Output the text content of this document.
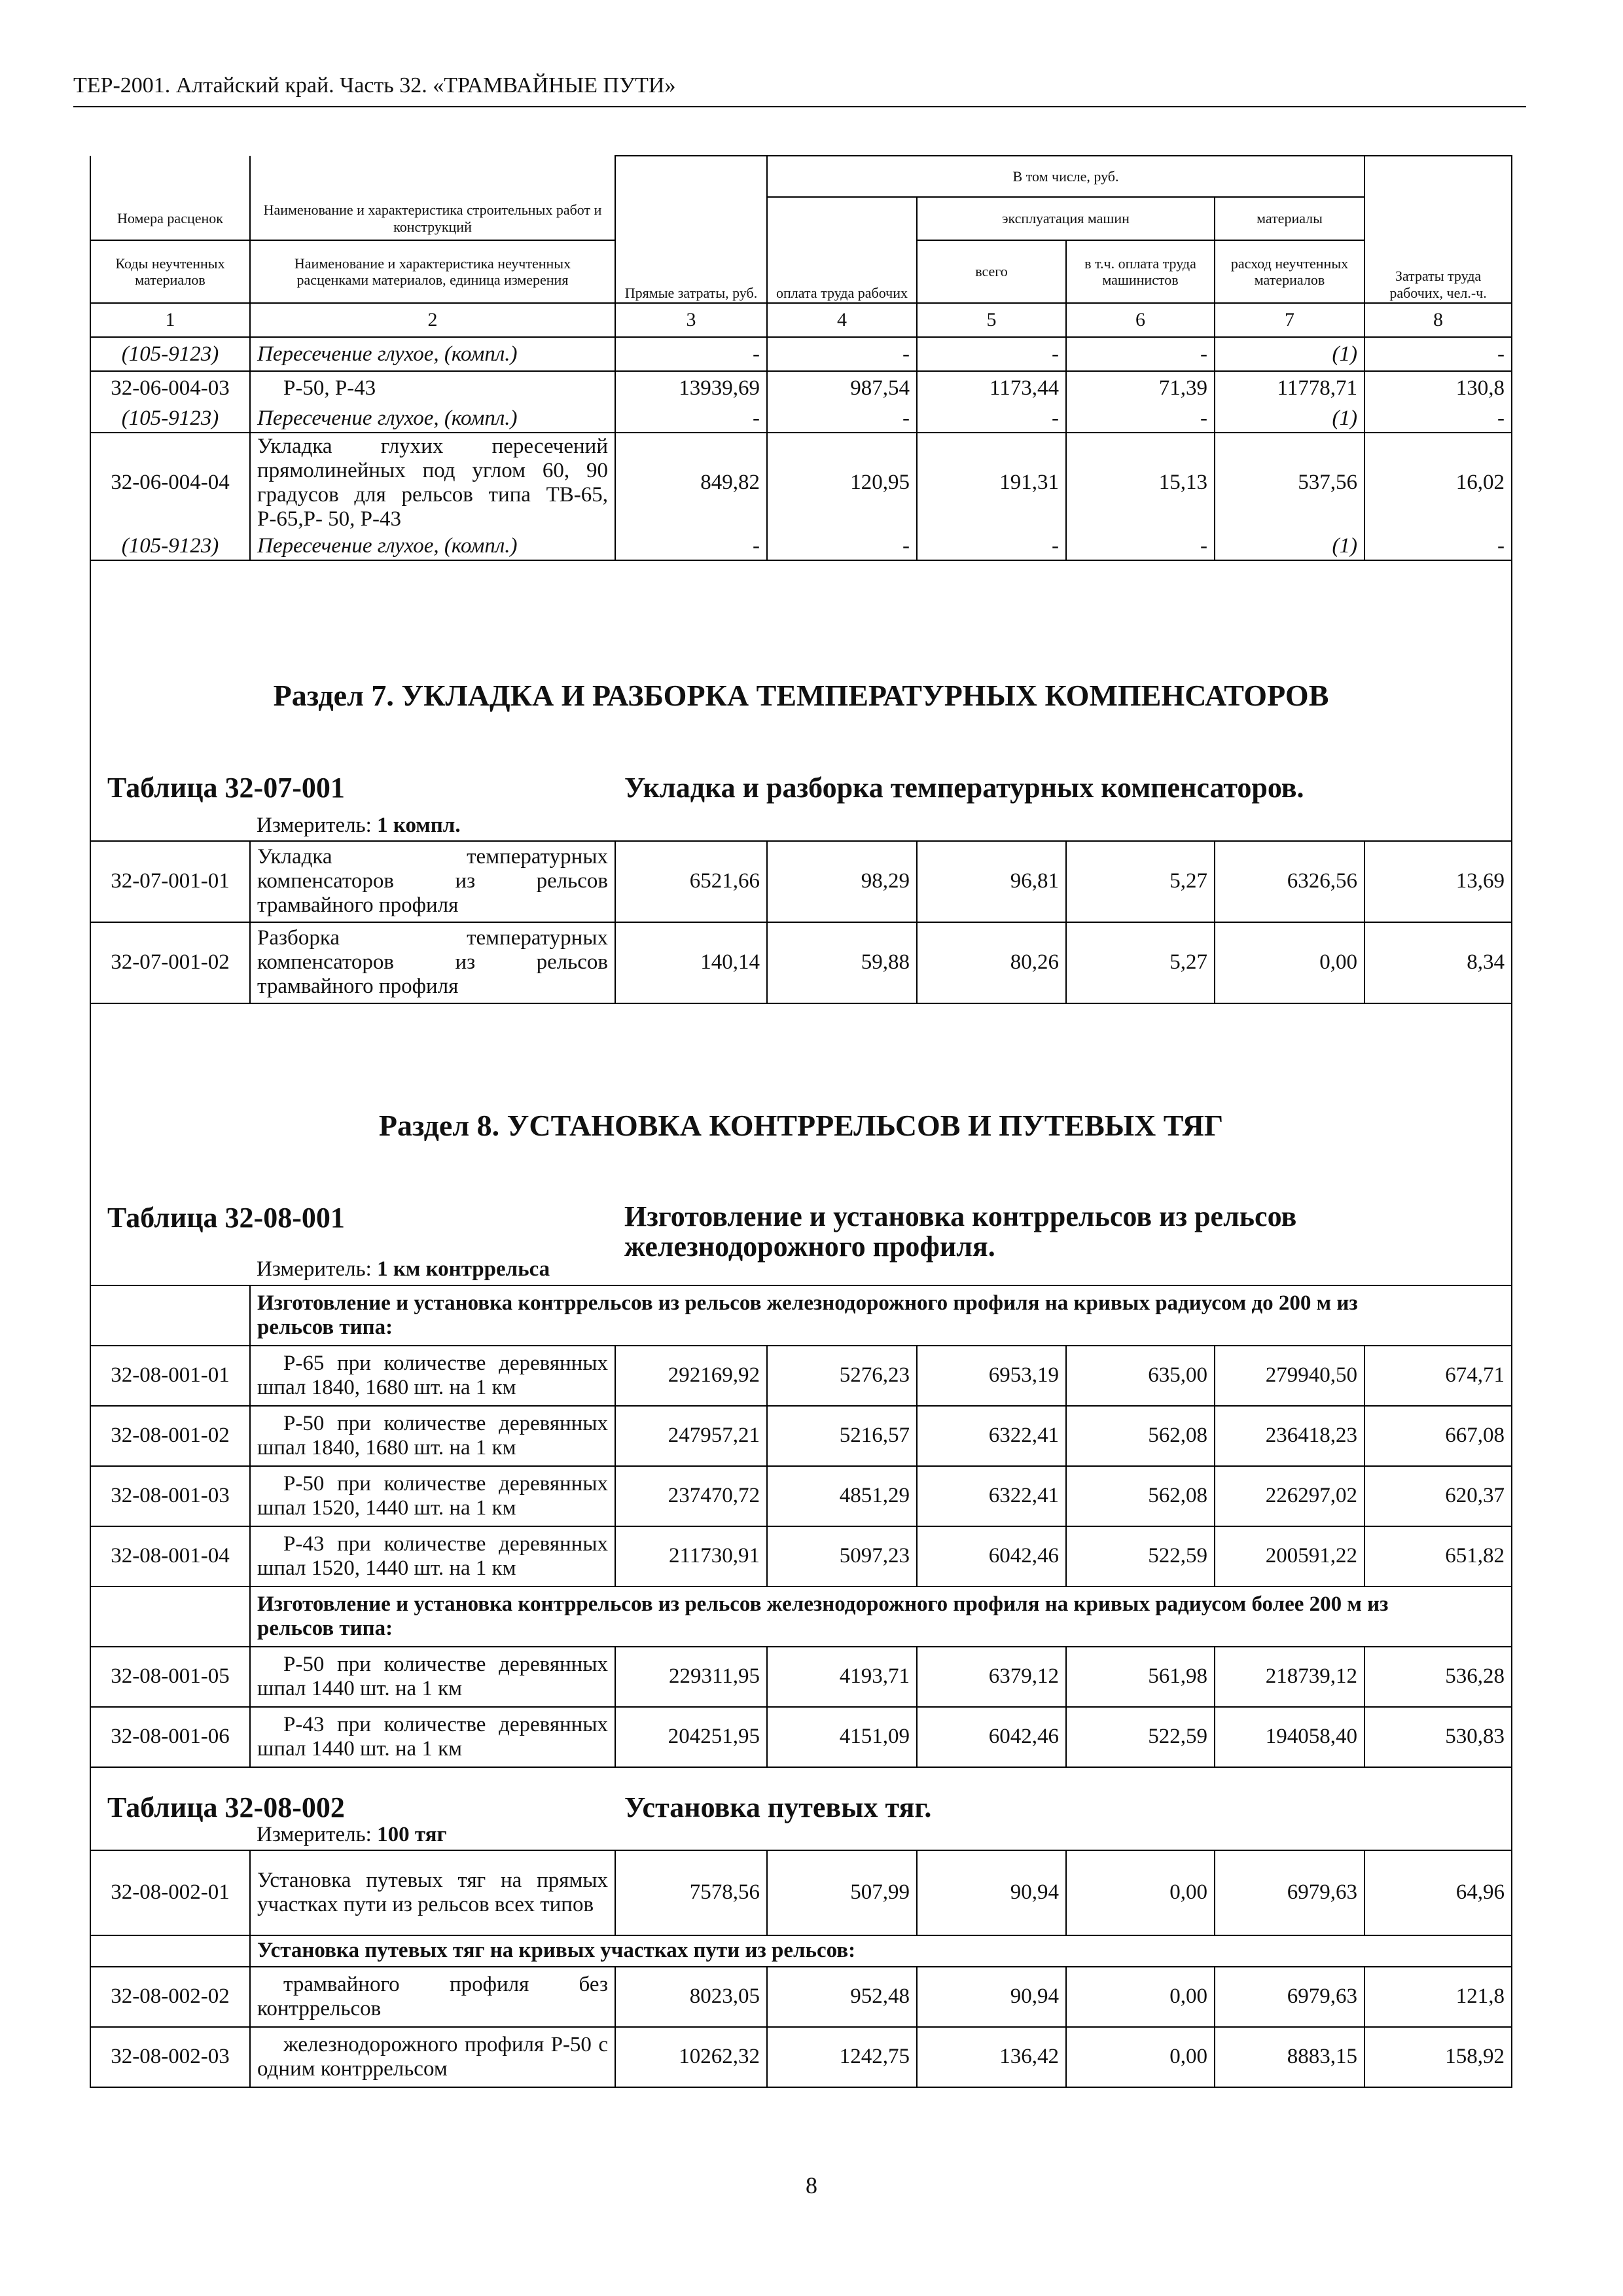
ТЕР-2001. Алтайский край. Часть 32. «ТРАМВАЙНЫЕ ПУТИ»
		Прямые затраты, руб.	В том числе, руб.				Затраты труда рабочих, чел.-ч.
Номера расценок	Наименование и характеристика строительных работ и конструкций		оплата труда рабочих	эксплуатация машин		материалы	
Коды неучтенных материалов	Наименование и характеристика неучтенных расценками материалов, единица измерения			всего	в т.ч. оплата труда машинистов	расход неучтенных материалов	
1	2	3	4	5	6	7	8
(105-9123)	Пересечение глухое, (компл.)	-	-	-	-	(1)	-
32-06-004-03	Р-50, Р-43	13939,69	987,54	1173,44	71,39	11778,71	130,8
(105-9123)	Пересечение глухое, (компл.)	-	-	-	-	(1)	-
32-06-004-04	Укладка глухих пересечений прямолинейных под углом 60, 90 градусов для рельсов типа ТВ-65, Р-65,Р- 50, Р-43	849,82	120,95	191,31	15,13	537,56	16,02
(105-9123)	Пересечение глухое, (компл.)	-	-	-	-	(1)	-

Раздел 7. УКЛАДКА И РАЗБОРКА ТЕМПЕРАТУРНЫХ КОМПЕНСАТОРОВ							

Таблица 32-07-001 Укладка и разборка температурных компенсаторов.							

	Измеритель: 1 компл.						
32-07-001-01	Укладка температурных компенсаторов из рельсов трамвайного профиля	6521,66	98,29	96,81	5,27	6326,56	13,69
32-07-001-02	Разборка температурных компенсаторов из рельсов трамвайного профиля	140,14	59,88	80,26	5,27	0,00	8,34

Раздел 8. УСТАНОВКА КОНТРРЕЛЬСОВ И ПУТЕВЫХ ТЯГ							

Таблица 32-08-001 Изготовление и установка контррельсов из рельсов железнодорожного профиля.							

	Измеритель: 1 км контррельса						
	Изготовление и установка контррельсов из рельсов железнодорожного профиля на кривых радиусом до 200 м из рельсов типа:						
32-08-001-01	Р-65 при количестве деревянных шпал 1840, 1680 шт. на 1 км	292169,92	5276,23	6953,19	635,00	279940,50	674,71
32-08-001-02	Р-50 при количестве деревянных шпал 1840, 1680 шт. на 1 км	247957,21	5216,57	6322,41	562,08	236418,23	667,08
32-08-001-03	Р-50 при количестве деревянных шпал 1520, 1440 шт. на 1 км	237470,72	4851,29	6322,41	562,08	226297,02	620,37
32-08-001-04	Р-43 при количестве деревянных шпал 1520, 1440 шт. на 1 км	211730,91	5097,23	6042,46	522,59	200591,22	651,82
	Изготовление и установка контррельсов из рельсов железнодорожного профиля на кривых радиусом более 200 м из рельсов типа:						
32-08-001-05	Р-50 при количестве деревянных шпал 1440 шт. на 1 км	229311,95	4193,71	6379,12	561,98	218739,12	536,28
32-08-001-06	Р-43 при количестве деревянных шпал 1440 шт. на 1 км	204251,95	4151,09	6042,46	522,59	194058,40	530,83

Таблица 32-08-002 Установка путевых тяг.							

	Измеритель: 100 тяг						
32-08-002-01	Установка путевых тяг на прямых участках пути из рельсов всех типов	7578,56	507,99	90,94	0,00	6979,63	64,96
	Установка путевых тяг на кривых участках пути из рельсов:						
32-08-002-02	трамвайного профиля без контррельсов	8023,05	952,48	90,94	0,00	6979,63	121,8
32-08-002-03	железнодорожного профиля Р-50 с одним контррельсом	10262,32	1242,75	136,42	0,00	8883,15	158,92
8
